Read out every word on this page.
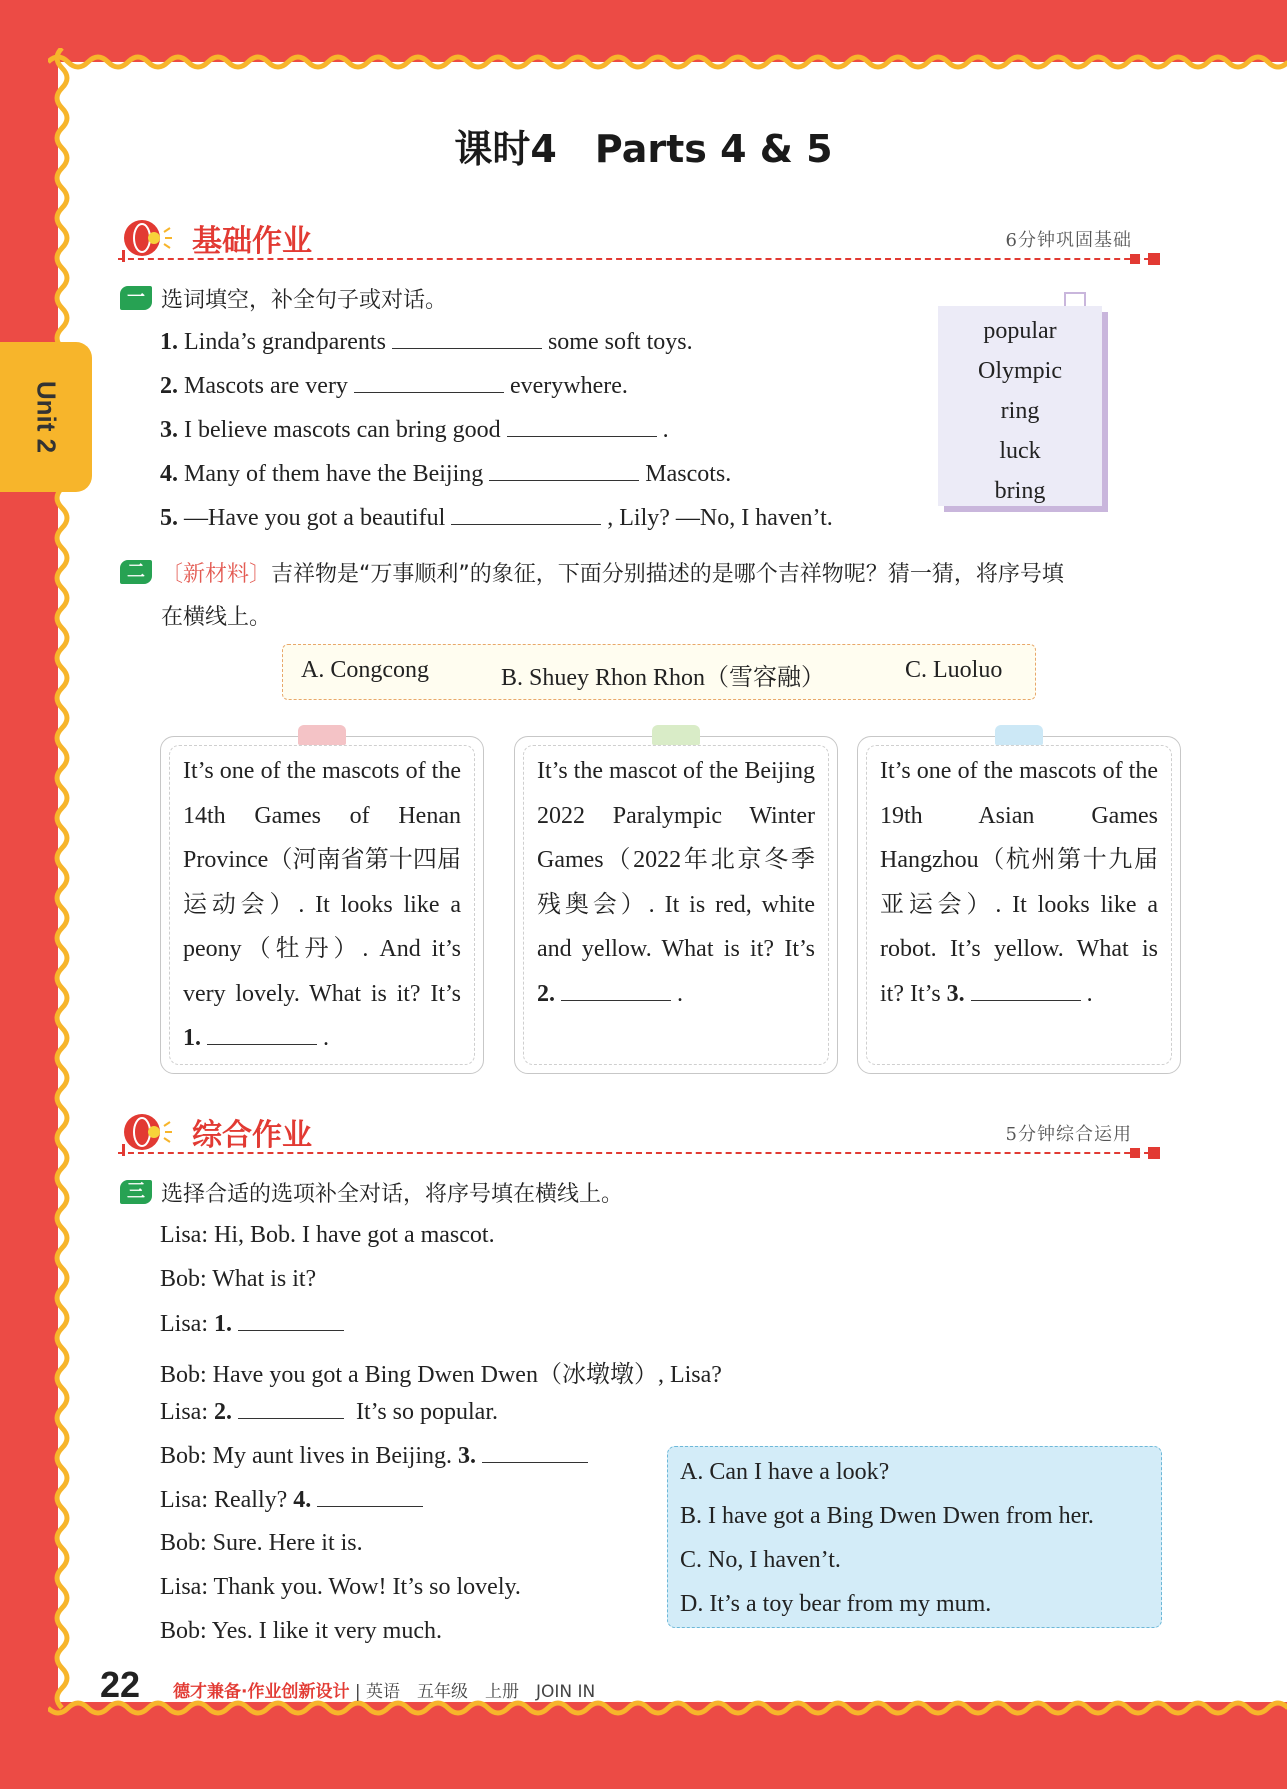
Unit 2
课时4　Parts 4 & 5
基础作业	6分钟巩固基础
一 选词填空，补全句子或对话。
1. Linda’s grandparents	some soft toys.
2. Mascots are very	everywhere.
3. I believe mascots can bring good	.
4. Many of them have the Beijing	Mascots.
5. —Have you got a beautiful	, Lily? —No, I haven’t.
popular
Olympic
ring
luck
bring
二 〔新材料〕吉祥物是“万事顺利”的象征，下面分别描述的是哪个吉祥物呢？猜一猜，将序号填
在横线上。
A. Congcong	B. Shuey Rhon Rhon（雪容融）	C. Luoluo
It’s one of the mascots of the 14th Games of Henan Province（河南省第十四届运动会）. It looks like a peony（牡丹）. And it’s very lovely. What is it? It’s 1.	.
It’s the mascot of the Beijing 2022 Paralympic Winter Games（2022年北京冬季残奥会）. It is red, white and yellow. What is it? It’s 2.	.
It’s one of the mascots of the 19th Asian Games Hangzhou（杭州第十九届亚运会）. It looks like a robot. It’s yellow. What is it? It’s 3.	.
综合作业	5分钟综合运用
三 选择合适的选项补全对话，将序号填在横线上。
Lisa: Hi, Bob. I have got a mascot.
Bob: What is it?
Lisa: 1.
Bob: Have you got a Bing Dwen Dwen（冰墩墩）, Lisa?
Lisa: 2.	It’s so popular.
Bob: My aunt lives in Beijing. 3.
Lisa: Really? 4.
Bob: Sure. Here it is.
Lisa: Thank you. Wow! It’s so lovely.
Bob: Yes. I like it very much.
A. Can I have a look?
B. I have got a Bing Dwen Dwen from her.
C. No, I haven’t.
D. It’s a toy bear from my mum.
22 德才兼备·作业创新设计 | 英语　五年级　上册　JOIN IN
